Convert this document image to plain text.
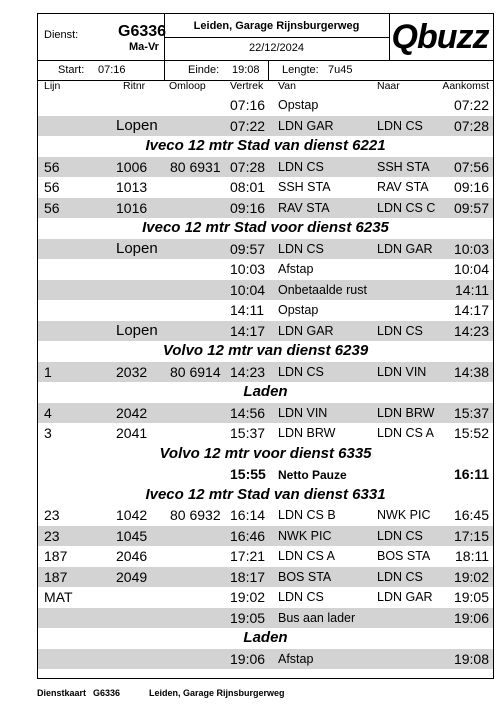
Dienst: G6336
Ma-Vr
Leiden, Garage Rijnsburgerweg
22/12/2024	Qbuzz
Start: 07:16	Einde: 19:08 Lengte: 7u45
Lijn	Ritnr Omloop Vertrek Van	Naar	Aankomst
07:16 Opstap	07:22
Lopen	07:22 LDN GAR	LDN CS 07:28
Iveco 12 mtr Stad van dienst 6221
56	1006 80 6931 07:28 LDN CS	SSH STA 07:56
56	1013	08:01 SSH STA	RAV STA 09:16
56	1016	09:16 RAV STA	LDN CS C 09:57
Iveco 12 mtr Stad voor dienst 6235
Lopen	09:57 LDN CS	LDN GAR 10:03
10:03 Afstap	10:04
10:04 Onbetaalde rust	14:11
14:11 Opstap	14:17
Lopen	14:17 LDN GAR	LDN CS 14:23
Volvo 12 mtr van dienst 6239
1	2032 80 6914 14:23 LDN CS	LDN VIN 14:38
Laden
4	2042	14:56 LDN VIN	LDN BRW 15:37
3	2041	15:37 LDN BRW	LDN CS A 15:52
Volvo 12 mtr voor dienst 6335
15:55 Netto Pauze	16:11
Iveco 12 mtr Stad van dienst 6331
23	1042 80 6932 16:14 LDN CS B	NWK PIC 16:45
23	1045	16:46 NWK PIC	LDN CS 17:15
187	2046	17:21 LDN CS A	BOS STA 18:11
187	2049	18:17 BOS STA	LDN CS 19:02
MAT	19:02 LDN CS	LDN GAR 19:05
19:05 Bus aan lader	19:06
Laden
19:06 Afstap	19:08
Dienstkaart G6336	Leiden, Garage Rijnsburgerweg
